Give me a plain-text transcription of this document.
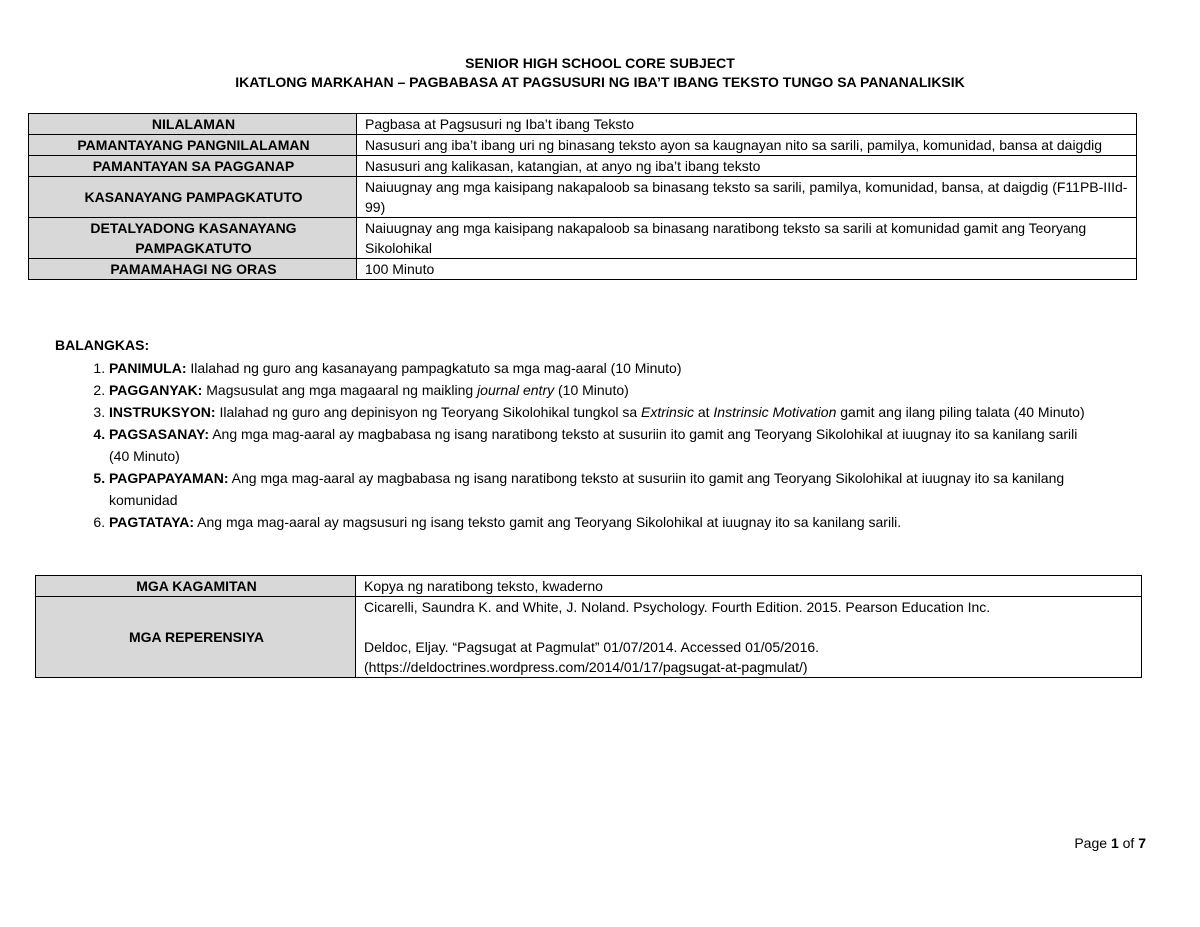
SENIOR HIGH SCHOOL CORE SUBJECT
IKATLONG MARKAHAN – PAGBABASA AT PAGSUSURI NG IBA’T IBANG TEKSTO TUNGO SA PANANALIKSIK
NILALAMAN	Pagbasa at Pagsusuri ng Iba’t ibang Teksto
PAMANTAYANG PANGNILALAMAN	Nasusuri ang iba’t ibang uri ng binasang teksto ayon sa kaugnayan nito sa sarili, pamilya, komunidad, bansa at daigdig
PAMANTAYAN SA PAGGANAP	Nasusuri ang kalikasan, katangian, at anyo ng iba’t ibang teksto
KASANAYANG PAMPAGKATUTO	Naiuugnay ang mga kaisipang nakapaloob sa binasang teksto sa sarili, pamilya, komunidad, bansa, at daigdig (F11PB-IIId-99)
DETALYADONG KASANAYANG PAMPAGKATUTO	Naiuugnay ang mga kaisipang nakapaloob sa binasang naratibong teksto sa sarili at komunidad gamit ang Teoryang Sikolohikal
PAMAMAHAGI NG ORAS	100 Minuto
BALANGKAS:
1. PANIMULA: Ilalahad ng guro ang kasanayang pampagkatuto sa mga mag-aaral (10 Minuto)
2. PAGGANYAK: Magsusulat ang mga magaaral ng maikling journal entry (10 Minuto)
3. INSTRUKSYON: Ilalahad ng guro ang depinisyon ng Teoryang Sikolohikal tungkol sa Extrinsic at Instrinsic Motivation gamit ang ilang piling talata (40 Minuto)
4. PAGSASANAY: Ang mga mag-aaral ay magbabasa ng isang naratibong teksto at susuriin ito gamit ang Teoryang Sikolohikal at iuugnay ito sa kanilang sarili (40 Minuto)
5. PAGPAPAYAMAN: Ang mga mag-aaral ay magbabasa ng isang naratibong teksto at susuriin ito gamit ang Teoryang Sikolohikal at iuugnay ito sa kanilang komunidad
6. PAGTATAYA: Ang mga mag-aaral ay magsusuri ng isang teksto gamit ang Teoryang Sikolohikal at iuugnay ito sa kanilang sarili.
MGA KAGAMITAN	Kopya ng naratibong teksto, kwaderno
MGA REPERENSIYA	Cicarelli, Saundra K. and White, J. Noland. Psychology. Fourth Edition. 2015. Pearson Education Inc.
Deldoc, Eljay. “Pagsugat at Pagmulat” 01/07/2014. Accessed 01/05/2016.
(https://deldoctrines.wordpress.com/2014/01/17/pagsugat-at-pagmulat/)
Page 1 of 7
